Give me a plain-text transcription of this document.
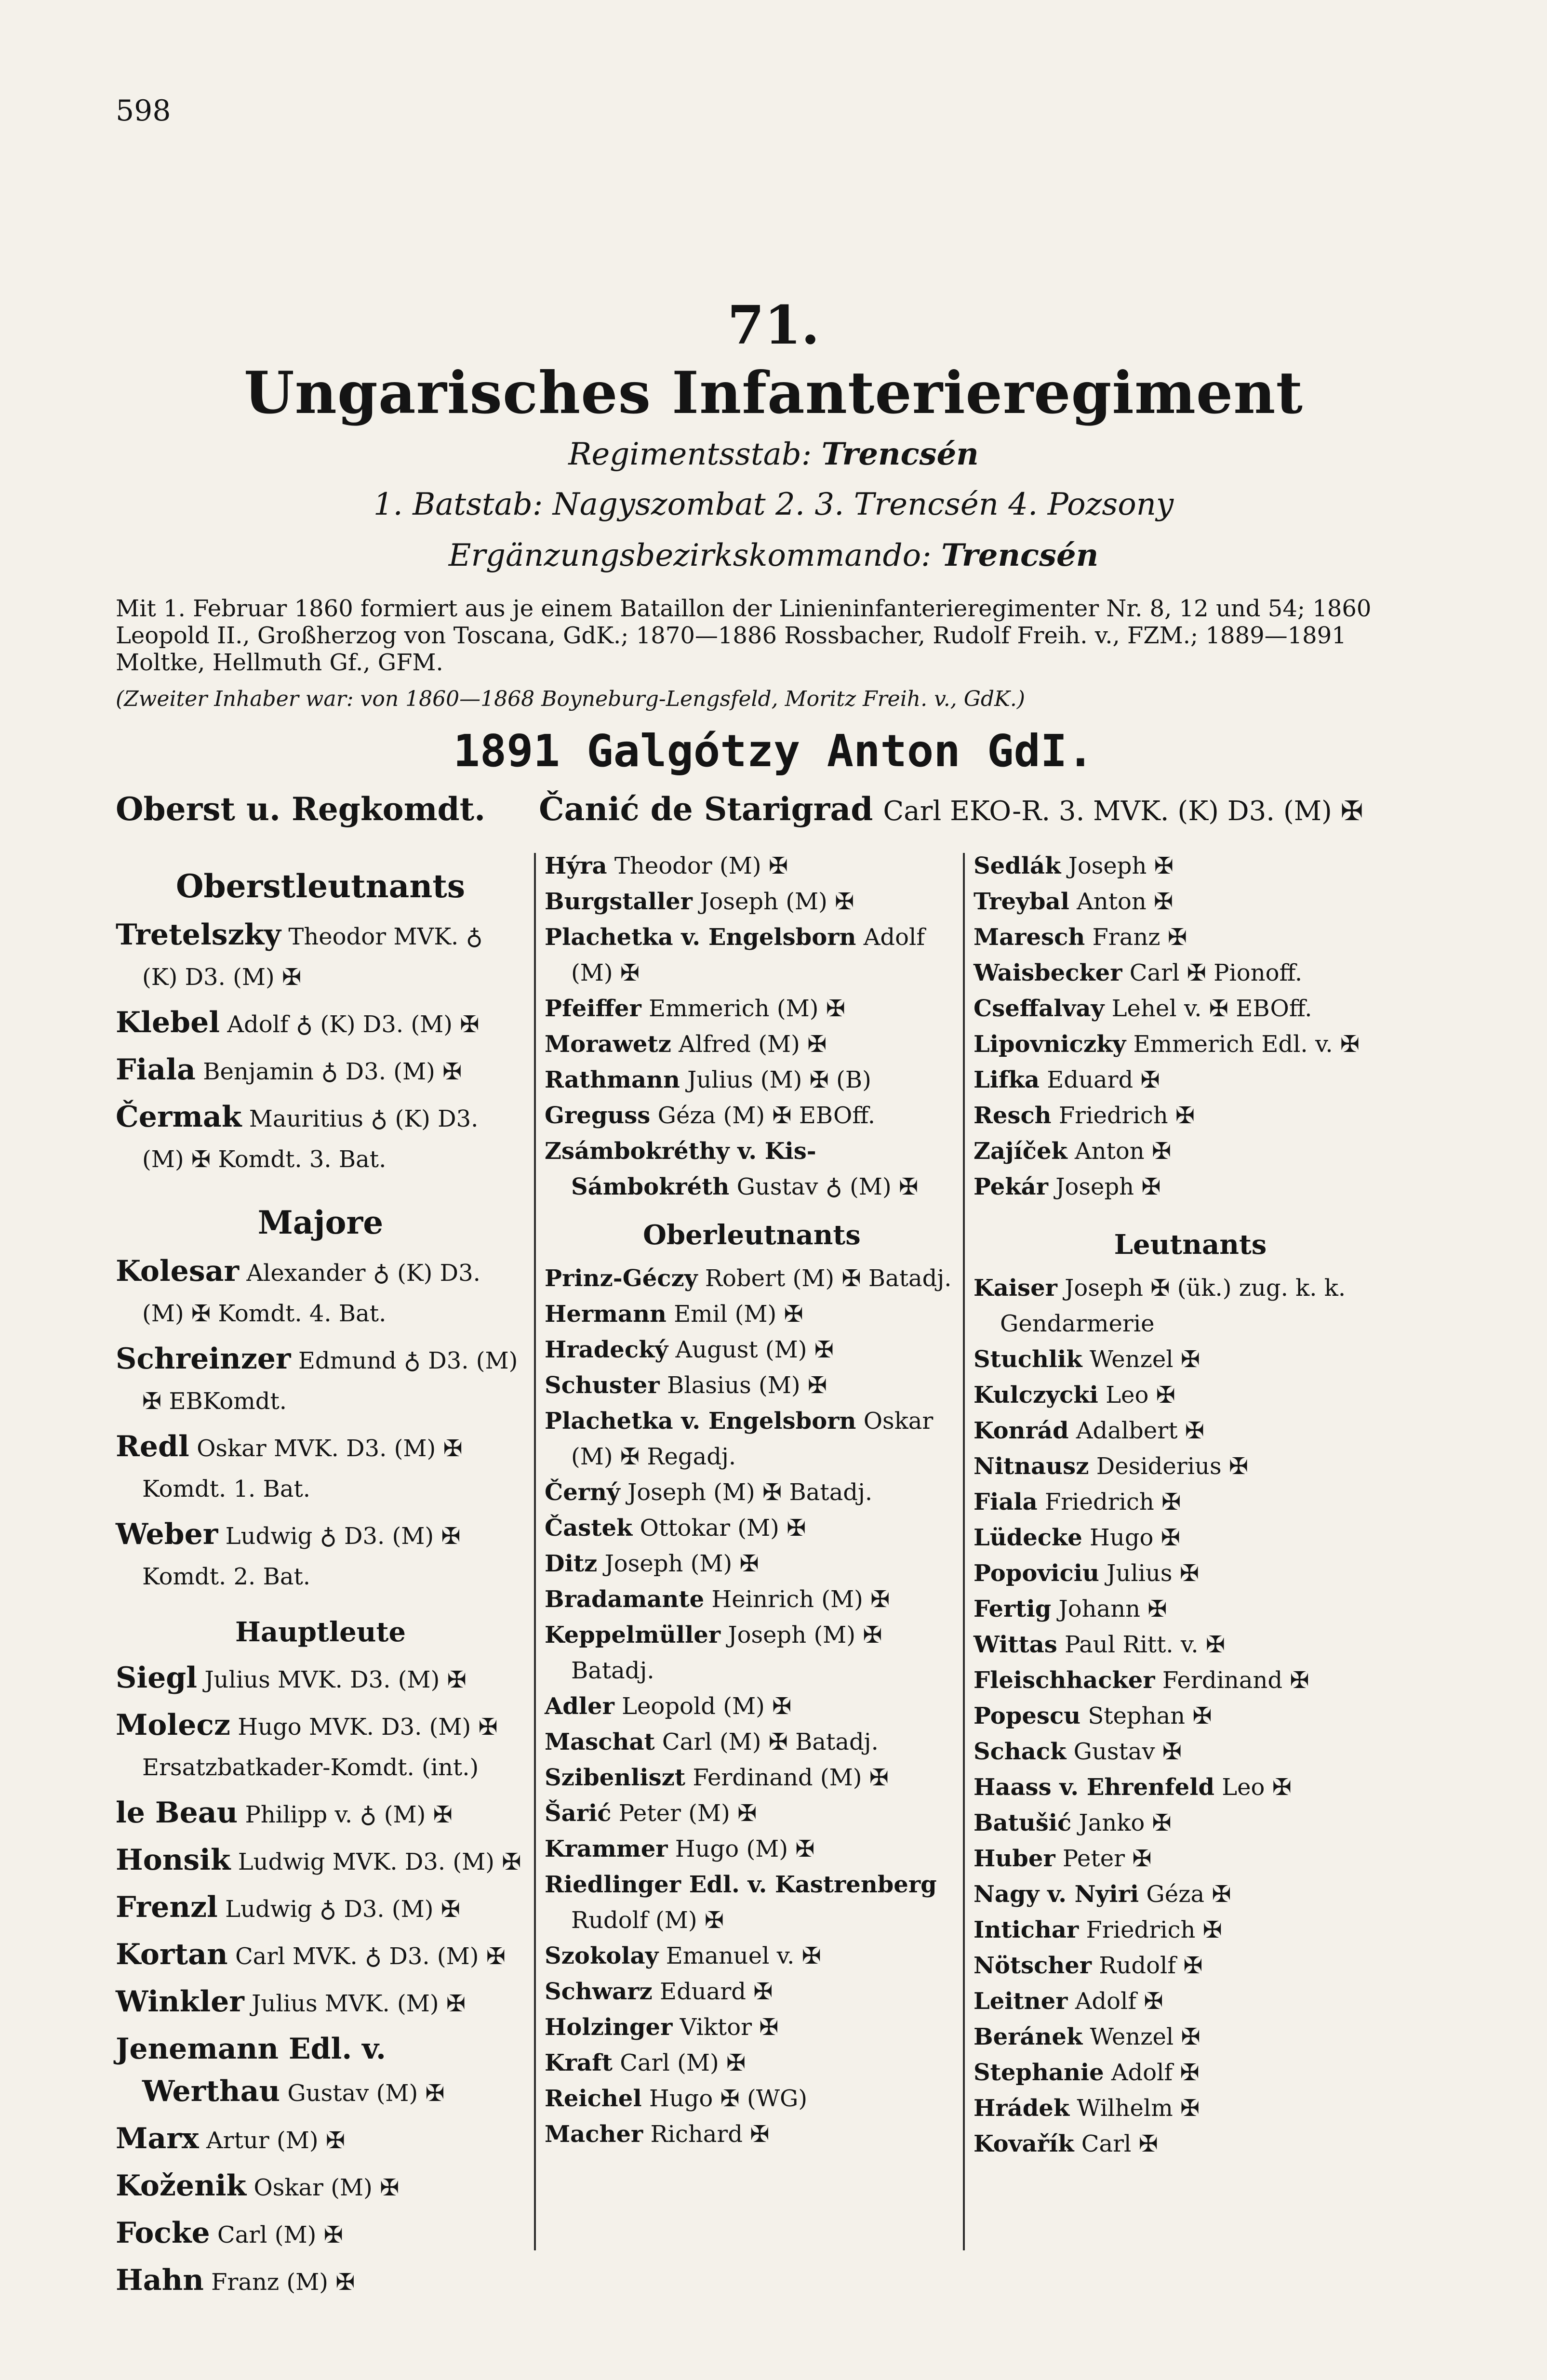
598
71.
Ungarisches Infanterieregiment
Regimentsstab: Trencsén
1. Batstab: Nagyszombat 2. 3. Trencsén 4. Pozsony
Ergänzungsbezirkskommando: Trencsén

Mit 1. Februar 1860 formiert aus je einem Bataillon der Linieninfanterieregimenter Nr. 8, 12 und 54; 1860 Leopold II., Großherzog von Toscana, GdK.; 1870—1886 Rossbacher, Rudolf Freih. v., FZM.; 1889—1891 Moltke, Hellmuth Gf., GFM.

(Zweiter Inhaber war: von 1860—1868 Boyneburg-Lengsfeld, Moritz Freih. v., GdK.)

1891 Galgótzy Anton GdI.
Oberst u. Regkomdt. Čanić de Starigrad Carl EKO-R. 3. MVK. (K) D3. (M) ✠
Oberstleutnants
Tretelszky Theodor MVK. ♁ (K) D3. (M) ✠
Klebel Adolf ♁ (K) D3. (M) ✠
Fiala Benjamin ♁ D3. (M) ✠
Čermak Mauritius ♁ (K) D3. (M) ✠ Komdt. 3. Bat.
Majore
Kolesar Alexander ♁ (K) D3. (M) ✠ Komdt. 4. Bat.
Schreinzer Edmund ♁ D3. (M) ✠ EBKomdt.
Redl Oskar MVK. D3. (M) ✠ Komdt. 1. Bat.
Weber Ludwig ♁ D3. (M) ✠ Komdt. 2. Bat.
Hauptleute
Siegl Julius MVK. D3. (M) ✠
Molecz Hugo MVK. D3. (M) ✠ Ersatzbatkader-Komdt. (int.)
le Beau Philipp v. ♁ (M) ✠
Honsik Ludwig MVK. D3. (M) ✠
Frenzl Ludwig ♁ D3. (M) ✠
Kortan Carl MVK. ♁ D3. (M) ✠
Winkler Julius MVK. (M) ✠
Jenemann Edl. v. Werthau Gustav (M) ✠
Marx Artur (M) ✠
Koženik Oskar (M) ✠
Focke Carl (M) ✠
Hahn Franz (M) ✠
Hýra Theodor (M) ✠
Burgstaller Joseph (M) ✠
Plachetka v. Engelsborn Adolf (M) ✠
Pfeiffer Emmerich (M) ✠
Morawetz Alfred (M) ✠
Rathmann Julius (M) ✠ (B)
Greguss Géza (M) ✠ EBOff.
Zsámbokréthy v. Kis-Sámbokréth Gustav ♁ (M) ✠
Oberleutnants
Prinz-Géczy Robert (M) ✠ Batadj.
Hermann Emil (M) ✠
Hradecký August (M) ✠
Schuster Blasius (M) ✠
Plachetka v. Engelsborn Oskar (M) ✠ Regadj.
Černý Joseph (M) ✠ Batadj.
Častek Ottokar (M) ✠
Ditz Joseph (M) ✠
Bradamante Heinrich (M) ✠
Keppelmüller Joseph (M) ✠ Batadj.
Adler Leopold (M) ✠
Maschat Carl (M) ✠ Batadj.
Szibenliszt Ferdinand (M) ✠
Šarić Peter (M) ✠
Krammer Hugo (M) ✠
Riedlinger Edl. v. Kastrenberg Rudolf (M) ✠
Szokolay Emanuel v. ✠
Schwarz Eduard ✠
Holzinger Viktor ✠
Kraft Carl (M) ✠
Reichel Hugo ✠ (WG)
Macher Richard ✠
Sedlák Joseph ✠
Treybal Anton ✠
Maresch Franz ✠
Waisbecker Carl ✠ Pionoff.
Cseffalvay Lehel v. ✠ EBOff.
Lipovniczky Emmerich Edl. v. ✠
Lifka Eduard ✠
Resch Friedrich ✠
Zajíček Anton ✠
Pekár Joseph ✠
Leutnants
Kaiser Joseph ✠ (ük.) zug. k. k. Gendarmerie
Stuchlik Wenzel ✠
Kulczycki Leo ✠
Konrád Adalbert ✠
Nitnausz Desiderius ✠
Fiala Friedrich ✠
Lüdecke Hugo ✠
Popoviciu Julius ✠
Fertig Johann ✠
Wittas Paul Ritt. v. ✠
Fleischhacker Ferdinand ✠
Popescu Stephan ✠
Schack Gustav ✠
Haass v. Ehrenfeld Leo ✠
Batušić Janko ✠
Huber Peter ✠
Nagy v. Nyiri Géza ✠
Intichar Friedrich ✠
Nötscher Rudolf ✠
Leitner Adolf ✠
Beránek Wenzel ✠
Stephanie Adolf ✠
Hrádek Wilhelm ✠
Kovařík Carl ✠
